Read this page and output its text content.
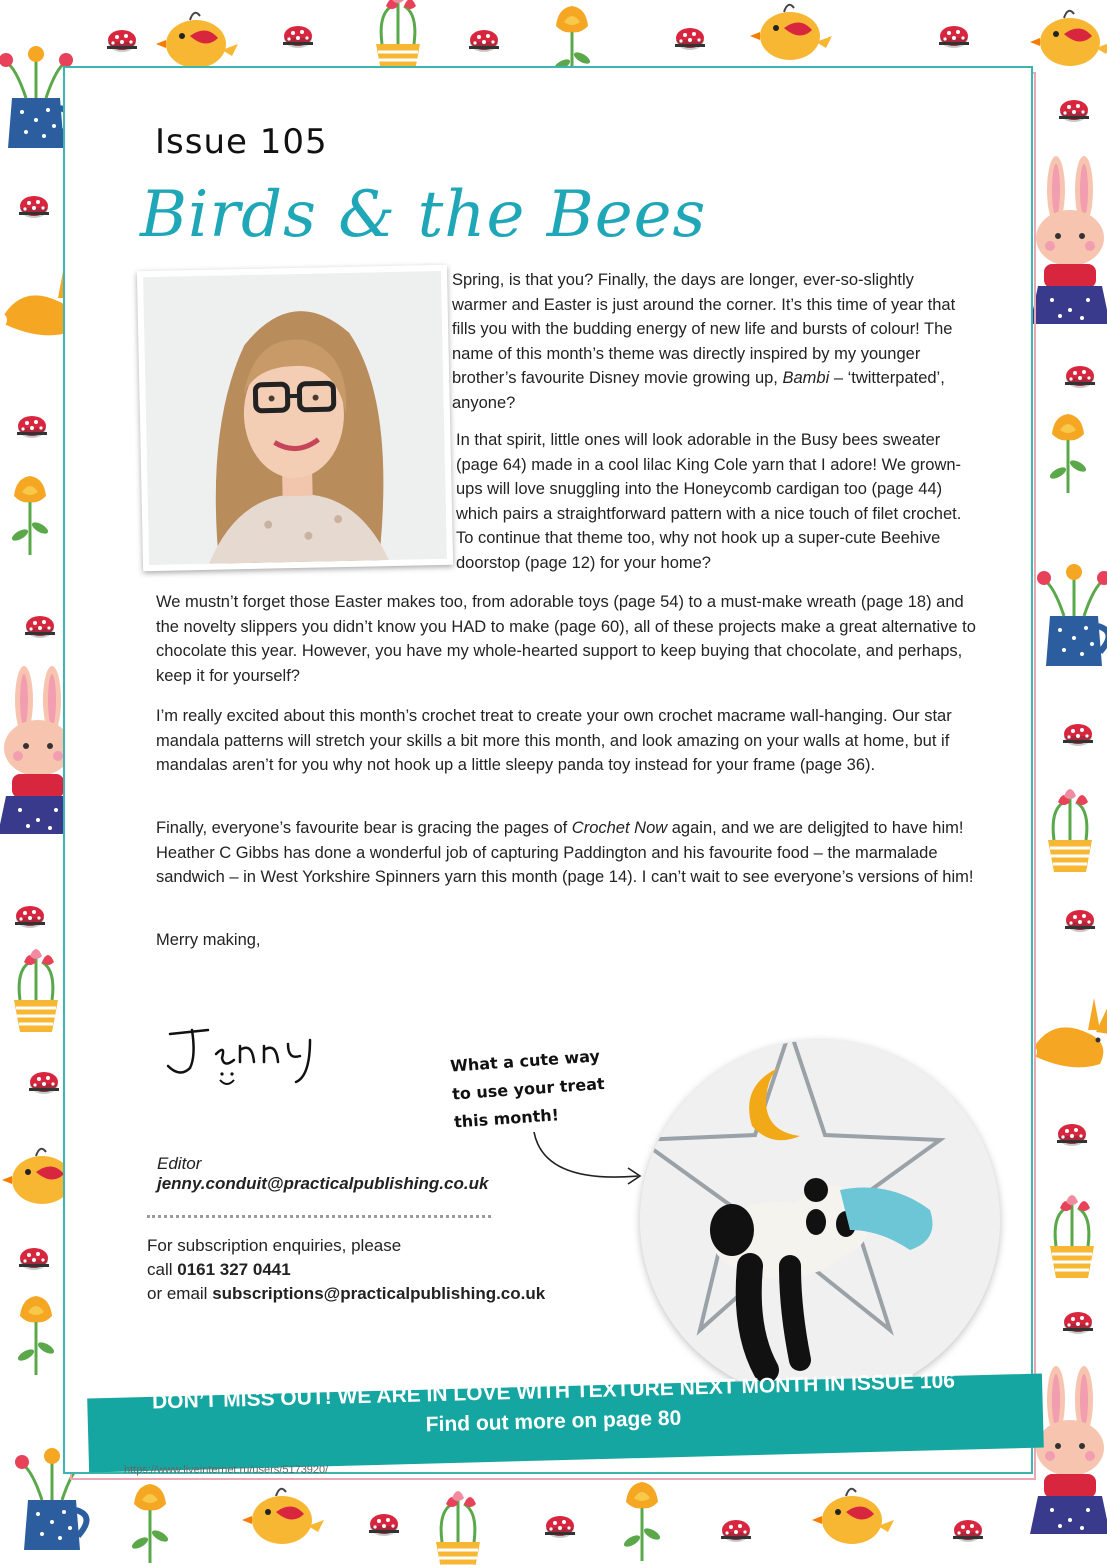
Issue 105
Birds & the Bees

Spring, is that you? Finally, the days are longer, ever-so-slightly warmer and Easter is just around the corner. It’s this time of year that fills you with the budding energy of new life and bursts of colour! The name of this month’s theme was directly inspired by my younger brother’s favourite Disney movie growing up, Bambi – ‘twitterpated’, anyone?

In that spirit, little ones will look adorable in the Busy bees sweater (page 64) made in a cool lilac King Cole yarn that I adore! We grown-ups will love snuggling into the Honeycomb cardigan too (page 44) which pairs a straightforward pattern with a nice touch of filet crochet. To continue that theme too, why not hook up a super-cute Beehive doorstop (page 12) for your home?

We mustn’t forget those Easter makes too, from adorable toys (page 54) to a must-make wreath (page 18) and the novelty slippers you didn’t know you HAD to make (page 60), all of these projects make a great alternative to chocolate this year. However, you have my whole-hearted support to keep buying that chocolate, and perhaps, keep it for yourself?

I’m really excited about this month’s crochet treat to create your own crochet macrame wall-hanging. Our star mandala patterns will stretch your skills a bit more this month, and look amazing on your walls at home, but if mandalas aren’t for you why not hook up a little sleepy panda toy instead for your frame (page 36).

Finally, everyone’s favourite bear is gracing the pages of Crochet Now again, and we are deligjted to have him! Heather C Gibbs has done a wonderful job of capturing Paddington and his favourite food – the marmalade sandwich – in West Yorkshire Spinners yarn this month (page 14). I can’t wait to see everyone’s versions of him!

Merry making,

Editor
jenny.conduit@practicalpublishing.co.uk
For subscription enquiries, please
call 0161 327 0441
or email subscriptions@practicalpublishing.co.uk
What a cute way
to use your treat
this month!
DON’T MISS OUT! WE ARE IN LOVE WITH TEXTURE NEXT MONTH IN ISSUE 106
Find out more on page 80
https://www.liveinternet.ru/users/5173920/
